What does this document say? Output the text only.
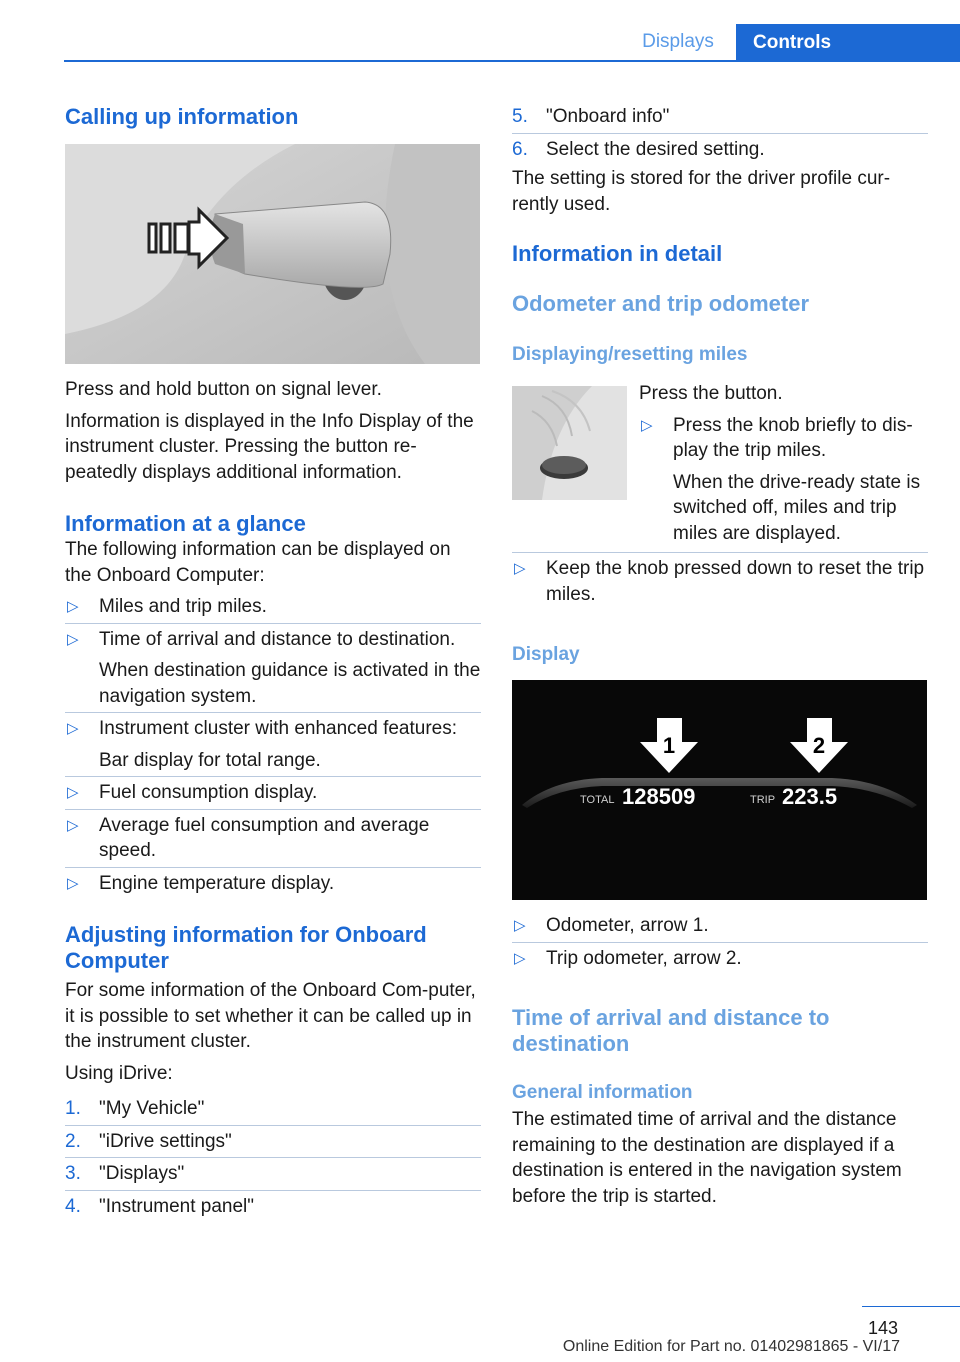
Displays	Controls
Calling up information

Press and hold button on signal lever.

Information is displayed in the Info Display of the instrument cluster. Pressing the button re-peatedly displays additional information.

Information at a glance

The following information can be displayed on the Onboard Computer:

▷ Miles and trip miles.
▷ Time of arrival and distance to destination.
When destination guidance is activated in the navigation system.
▷ Instrument cluster with enhanced features:
Bar display for total range.
▷ Fuel consumption display.
▷ Average fuel consumption and average speed.
▷ Engine temperature display.
Adjusting information for Onboard Computer

For some information of the Onboard Com-puter, it is possible to set whether it can be called up in the instrument cluster.

Using iDrive:

1. "My Vehicle"
2. "iDrive settings"
3. "Displays"
4. "Instrument panel"
5. "Onboard info"
6. Select the desired setting.

The setting is stored for the driver profile cur-rently used.

Information in detail
Odometer and trip odometer
Displaying/resetting miles

Press the button.

▷ Press the knob briefly to dis-play the trip miles.
When the drive-ready state is switched off, miles and trip miles are displayed.
▷ Keep the knob pressed down to reset the trip miles.
Display
1	2
TOTAL 128509	TRIP 223.5
▷ Odometer, arrow 1.
▷ Trip odometer, arrow 2.
Time of arrival and distance to destination
General information

The estimated time of arrival and the distance remaining to the destination are displayed if a destination is entered in the navigation system before the trip is started.

143
Online Edition for Part no. 01402981865 - VI/17
